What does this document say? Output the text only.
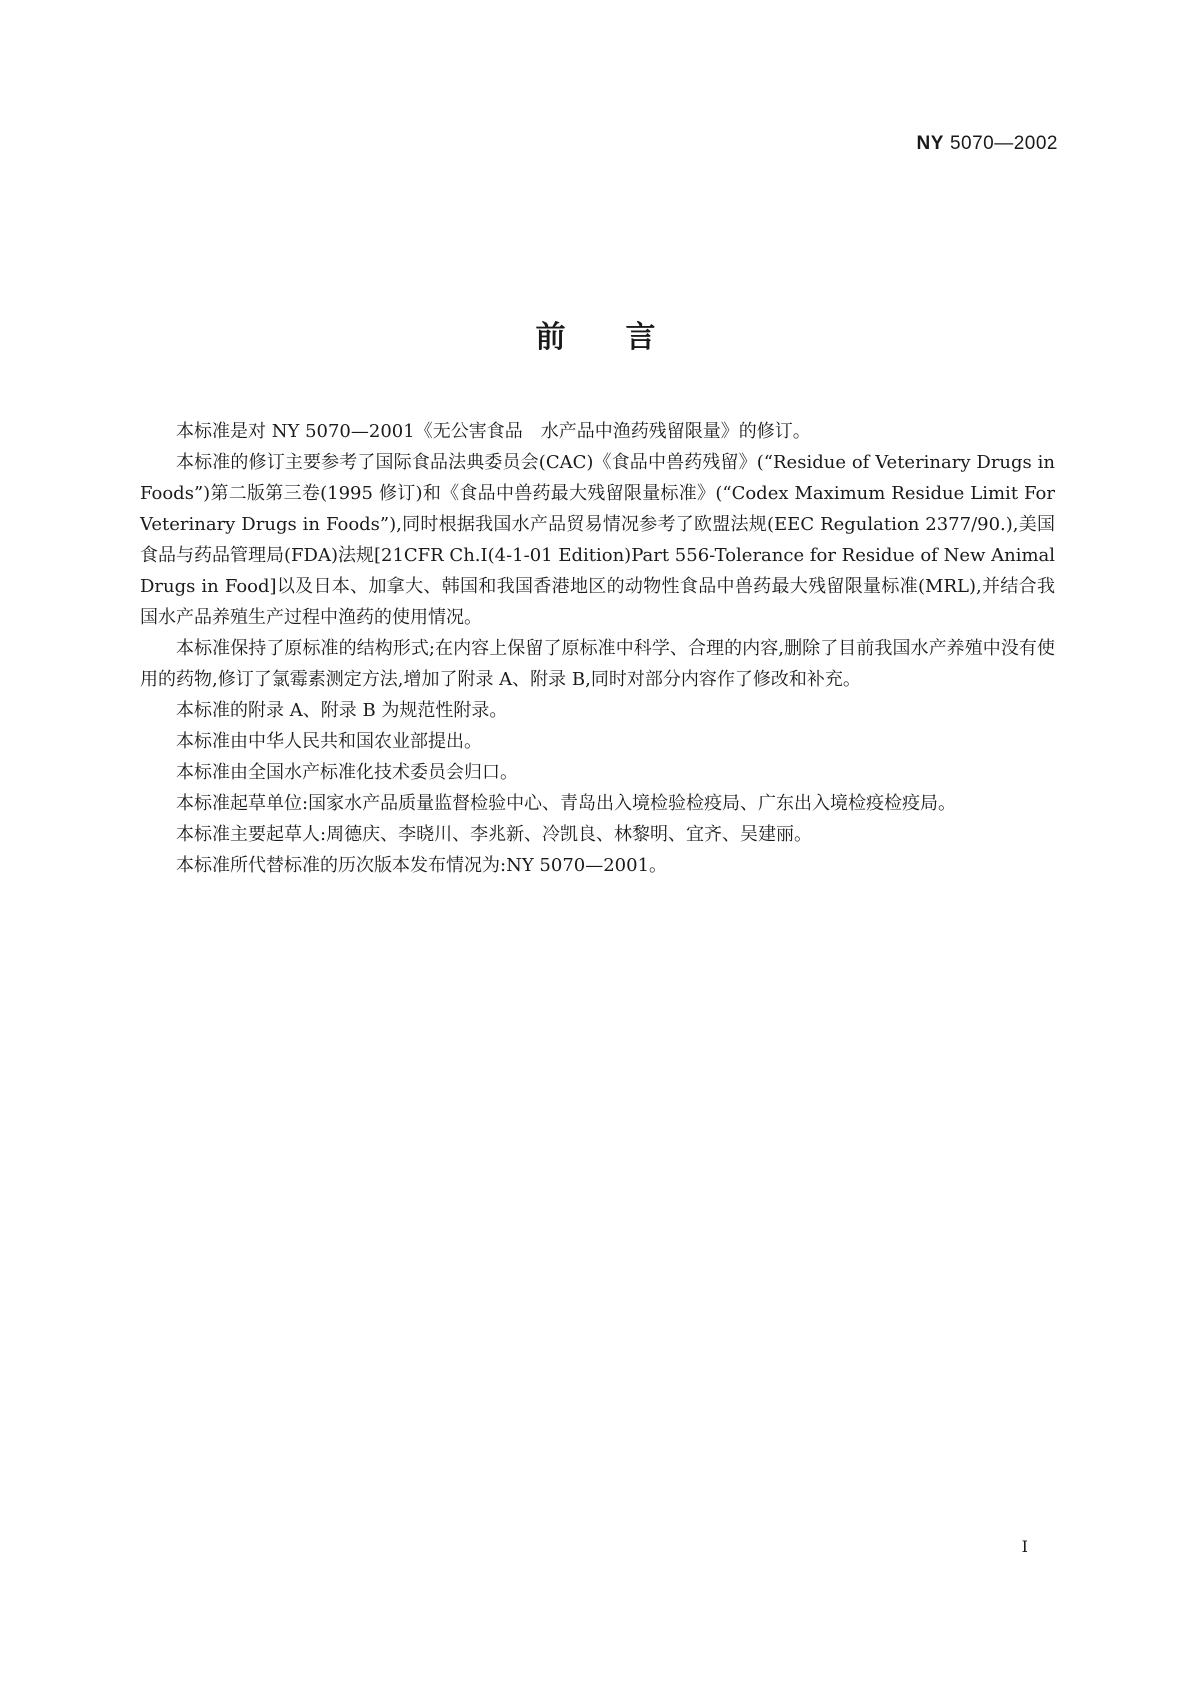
NY 5070—2002
前言

本标准是对 NY 5070—2001《无公害食品　水产品中渔药残留限量》的修订。

本标准的修订主要参考了国际食品法典委员会(CAC)《食品中兽药残留》(“Residue of Veterinary Drugs in Foods”)第二版第三卷(1995 修订)和《食品中兽药最大残留限量标准》(“Codex Maximum Residue Limit For Veterinary Drugs in Foods”),同时根据我国水产品贸易情况参考了欧盟法规(EEC Regulation 2377/90.),美国食品与药品管理局(FDA)法规[21CFR Ch.I(4-1-01 Edition)Part 556-Tolerance for Residue of New Animal Drugs in Food]以及日本、加拿大、韩国和我国香港地区的动物性食品中兽药最大残留限量标准(MRL),并结合我国水产品养殖生产过程中渔药的使用情况。

本标准保持了原标准的结构形式;在内容上保留了原标准中科学、合理的内容,删除了目前我国水产养殖中没有使用的药物,修订了氯霉素测定方法,增加了附录 A、附录 B,同时对部分内容作了修改和补充。

本标准的附录 A、附录 B 为规范性附录。

本标准由中华人民共和国农业部提出。

本标准由全国水产标准化技术委员会归口。

本标准起草单位:国家水产品质量监督检验中心、青岛出入境检验检疫局、广东出入境检疫检疫局。

本标准主要起草人:周德庆、李晓川、李兆新、冷凯良、林黎明、宜齐、吴建丽。

本标准所代替标准的历次版本发布情况为:NY 5070—2001。

I
